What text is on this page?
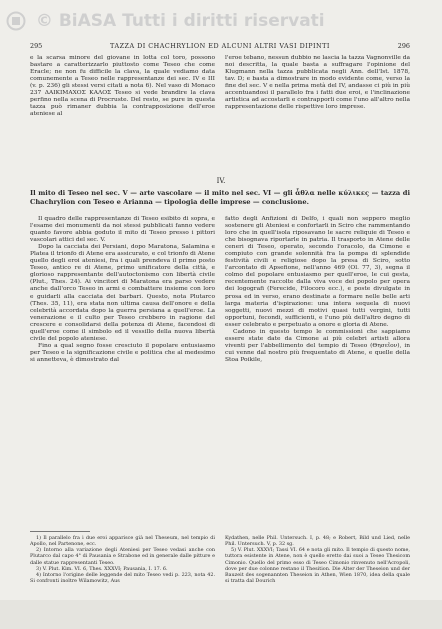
© BiASA Tutti i diritti riservati
295	TAZZA DI CHACHRYLION ED ALCUNI ALTRI VASI DIPINTI	296

e la scarsa minore del giovane in lotta col toro, possono bastare a caratterizzarlo piuttosto come Teseo che come Eracle; ne non fu difficile la clava, la quale vediamo data comunemente a Teseo nelle rappresentanze dei sec. IV e III (v. p. 236) gli stessi versi citati a nota 6). Nel vaso di Monaco 237 ΔΑΙΚΙΜΑΧΟΣ ΚΑΛΟΣ Teseo si vede brandire la clava perfino nella scena di Procruste. Del resto, se pure in questa tazza può rimaner dubbia la contrapposizione dell'eroe ateniese al

l'eroe tebano, nessun dubbio ne lascia la tazza Vagnonville da noi descritta, la quale basta a suffragare l'opinione del Klugmann nella tazza pubblicata negli Ann. dell'Ist. 1878, tav. D; e basta a dimostrare in modo evidente come, verso la fine del sec. V e nella prima metà del IV, andasse ci più in più accentuandosi il parallelo fra i fatti due eroi, e l'inclinazione artistica ad accostarli e contrapporli come l'uno all'altro nella rappresentazione delle rispettive loro imprese.

IV.
Il mito di Teseo nel sec. V — arte vascolare — il mito nel sec. VI — gli ἆθλα nelle κύλικες — tazza di Chachrylion con Teseo e Arianna — tipologia delle imprese — conclusione.

Il quadro delle rappresentanze di Teseo esibito di sopra, e l'esame dei monumenti da noi stessi pubblicati fanno vedere quanto favore abbia goduto il mito di Teseo presso i pittori vascolari attici del sec. V.

Dopo la cacciata dei Persiani, dopo Maratona, Salamina e Platea il trionfo di Atene era assicurato, e col trionfo di Atene quello degli eroi ateniesi, fra i quali prendeva il primo posto Teseo, antico re di Atene, primo unificatore della città, e glorioso rappresentante dell'autoctonismo con libertà civile (Plut., Thes. 24). Ai vincitori di Maratona era parso vedere anche dall'orco Teseo in armi e combattere insieme con loro e guidarli alla cacciata dei barbari. Questo, nota Plutarco (Thes. 35, 11), era stata non ultima causa dell'onore e della celebrità accordata dopo la guerra persiana a quell'eroe. La venerazione e il culto per Teseo crebbero in ragione del crescere e consolidarsi della potenza di Atene, facendosi di quell'eroe come il simbolo ed il vessillo della nuova libertà civile del popolo ateniese.

Fino a qual segno fosse cresciuto il popolare entusiasmo per Teseo e la significazione civile e politica che al medesimo si annetteva, è dimostrato dal

fatto degli Anfizioni di Delfo, i quali non seppero meglio sostenere gli Ateniesi e confortarli in Sciro che rammentando loro che in quell'isola riposavano le sacre reliquie di Teseo e che bisognava riportarle in patria. Il trasporto in Atene delle ceneri di Teseo, operato, secondo l'oracolo, da Cimone e compiuto con grande solennità fra la pompa di splendide festività civili e religiose dopo la presa di Sciro, sotto l'arcontato di Apsefione, nell'anno 469 (Ol. 77, 3), segna il colmo del popolare entusiasmo per quell'eroe, le cui gesta, recentemente raccolte dalla viva voce dei popolo per opera dei logografi (Ferecide, Filocoro ecc.), e poste divulgate in prosa ed in verso, erano destinate a formare nelle belle arti larga materia d'ispirazione: una intera sequela di nuovi soggetti, nuovi mezzi di motivi quasi tutti vergini, tutti opportuni, fecondi, sufficienti, e l'uno più dell'altro degno di esser celebrato e perpetuato a onore e gloria di Atene.

Cadono in questo tempo le commissioni che sappiamo essere state date da Cimone ai più celebri artisti allora viventi per l'abbellimento del tempio di Teseo (Θησεῖον), in cui venne dal nostro più frequentato di Atene, e quelle della Stoa Poikile,

1) Il parallelo fra i due eroi apparisce già nel Theseum, nel tempio di Apollo, nel Partenone, ecc.

2) Intorno alla variazione degli Ateniesi per Teseo vedasi anche con Plutarco dal capo 4° di Pausania e Strabone ed in generale dalle pitture e dalle statue rappresentanti Teseo.

3) V. Plut. Kim. VI. 6, Thes. XXXVI; Pausania, I. 17. 6.

4) Intorno l'origine delle leggende del mito Teseo vedi p. 223, nota 42. Si confronti inoltre Wilamowitz, Aus

Kydathen, nelle Phil. Untersuch. I, p. 48; e Robert, Bild und Lied, nelle Phil. Untersuch. V, p. 32 sg.

5) V. Plut. XXXVI; Tassi VI. 64 e nota gli mito. Il tempio di questo nome, tuttora esistente in Atene, non è quello eretto dai suoi a Teseo Thesicom Cimonio. Quello del primo esso di Teseo Cimonio rinvenuto nell'Acropoli, dove per due colonne restano il Thesition. Die Alter der Theseion und der Bauzeit des sogenannten Theseion in Athen, Wien 1870, idea della quale si tratta dal Dourich
